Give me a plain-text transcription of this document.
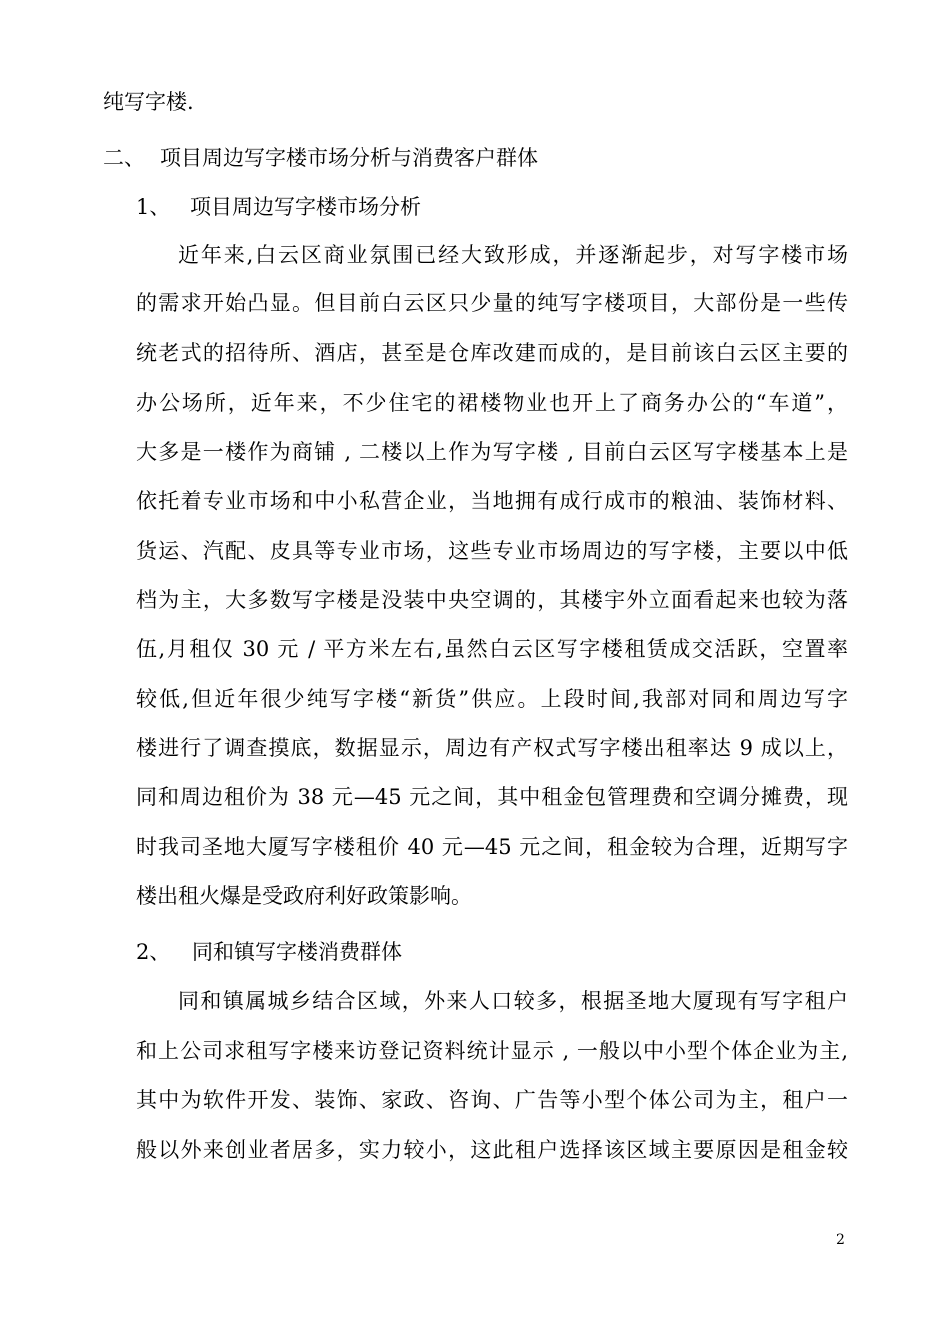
纯写字楼.
二、 项目周边写字楼市场分析与消费客户群体
1、 项目周边写字楼市场分析
近年来,白云区商业氛围已经大致形成，并逐渐起步，对写字楼市场
的需求开始凸显。但目前白云区只少量的纯写字楼项目，大部份是一些传
统老式的招待所、酒店，甚至是仓库改建而成的，是目前该白云区主要的
办公场所，近年来，不少住宅的裙楼物业也开上了商务办公的“车道”，
大多是一楼作为商铺 , 二楼以上作为写字楼 , 目前白云区写字楼基本上是
依托着专业市场和中小私营企业，当地拥有成行成市的粮油、装饰材料、
货运、汽配、皮具等专业市场，这些专业市场周边的写字楼，主要以中低
档为主，大多数写字楼是没装中央空调的，其楼宇外立面看起来也较为落
伍,月租仅 30 元 / 平方米左右,虽然白云区写字楼租赁成交活跃，空置率
较低,但近年很少纯写字楼“新货”供应。上段时间,我部对同和周边写字
楼进行了调查摸底，数据显示，周边有产权式写字楼出租率达 9 成以上，
同和周边租价为 38 元—45 元之间，其中租金包管理费和空调分摊费，现
时我司圣地大厦写字楼租价 40 元—45 元之间，租金较为合理，近期写字
楼出租火爆是受政府利好政策影响。
2、 同和镇写字楼消费群体
同和镇属城乡结合区域，外来人口较多，根据圣地大厦现有写字租户
和上公司求租写字楼来访登记资料统计显示 , 一般以中小型个体企业为主,
其中为软件开发、装饰、家政、咨询、广告等小型个体公司为主，租户一
般以外来创业者居多，实力较小，这此租户选择该区域主要原因是租金较
2
